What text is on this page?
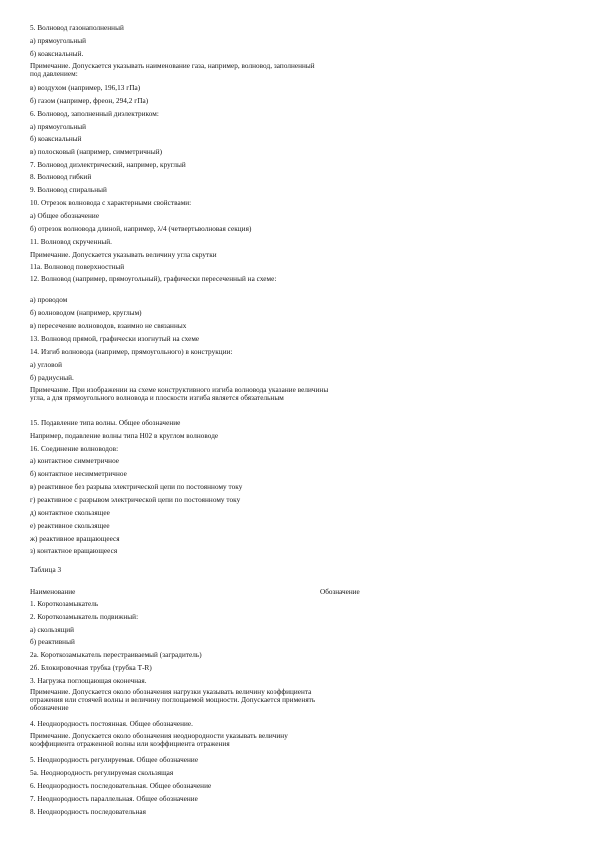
5. Волновод газонаполненный
а) прямоугольный
б) коаксиальный.
Примечание. Допускается указывать наименование газа, например, волновод, заполненный под давлением:
в) воздухом (например, 196,13 гПа)
б) газом (например, фреон, 294,2 гПа)
6. Волновод, заполненный диэлектриком:
а) прямоугольный
б) коаксиальный
в) полосковый (например, симметричный)
7. Волновод диэлектрический, например, круглый
8. Волновод гибкий
9. Волновод спиральный
10. Отрезок волновода с характерными свойствами:
а) Общее обозначение
б) отрезок волновода длиной, например, λ/4 (четвертьволновая секция)
11. Волновод скрученный.
Примечание. Допускается указывать величину угла скрутки
11а. Волновод поверхностный
12. Волновод (например, прямоугольный), графически пересеченный на схеме:
а) проводом
б) волноводом (например, круглым)
в) пересечение волноводов, взаимно не связанных
13. Волновод прямой, графически изогнутый на схеме
14. Изгиб волновода (например, прямоугольного) в конструкции:
а) угловой
б) радиусный.
Примечание. При изображении на схеме конструктивного изгиба волновода указание величины угла, а для прямоугольного волновода и плоскости изгиба является обязательным
15. Подавление типа волны. Общее обозначение
Например, подавление волны типа H02 в круглом волноводе
16. Соединение волноводов:
а) контактное симметричное
б) контактное несимметричное
в) реактивное без разрыва электрической цепи по постоянному току
г) реактивное с разрывом электрической цепи по постоянному току
д) контактное скользящее
е) реактивное скользящее
ж) реактивное вращающееся
з) контактное вращающееся
Таблица 3
Наименование	Обозначение
1. Короткозамыкатель
2. Короткозамыкатель подвижный:
а) скользящий
б) реактивный
2а. Короткозамыкатель перестраиваемый (заградитель)
2б. Блокировочная трубка (трубка Т-R)
3. Нагрузка поглощающая оконечная.
Примечание. Допускается около обозначения нагрузки указывать величину коэффициента отражения или стоячей волны и величину поглощаемой мощности. Допускается применять обозначение
4. Неоднородность постоянная. Общее обозначение.
Примечание. Допускается около обозначения неоднородности указывать величину коэффициента отраженной волны или коэффициента отражения
5. Неоднородность регулируемая. Общее обозначение
5а. Неоднородность регулируемая скользящая
6. Неоднородность последовательная. Общее обозначение
7. Неоднородность параллельная. Общее обозначение
8. Неоднородность последовательная
